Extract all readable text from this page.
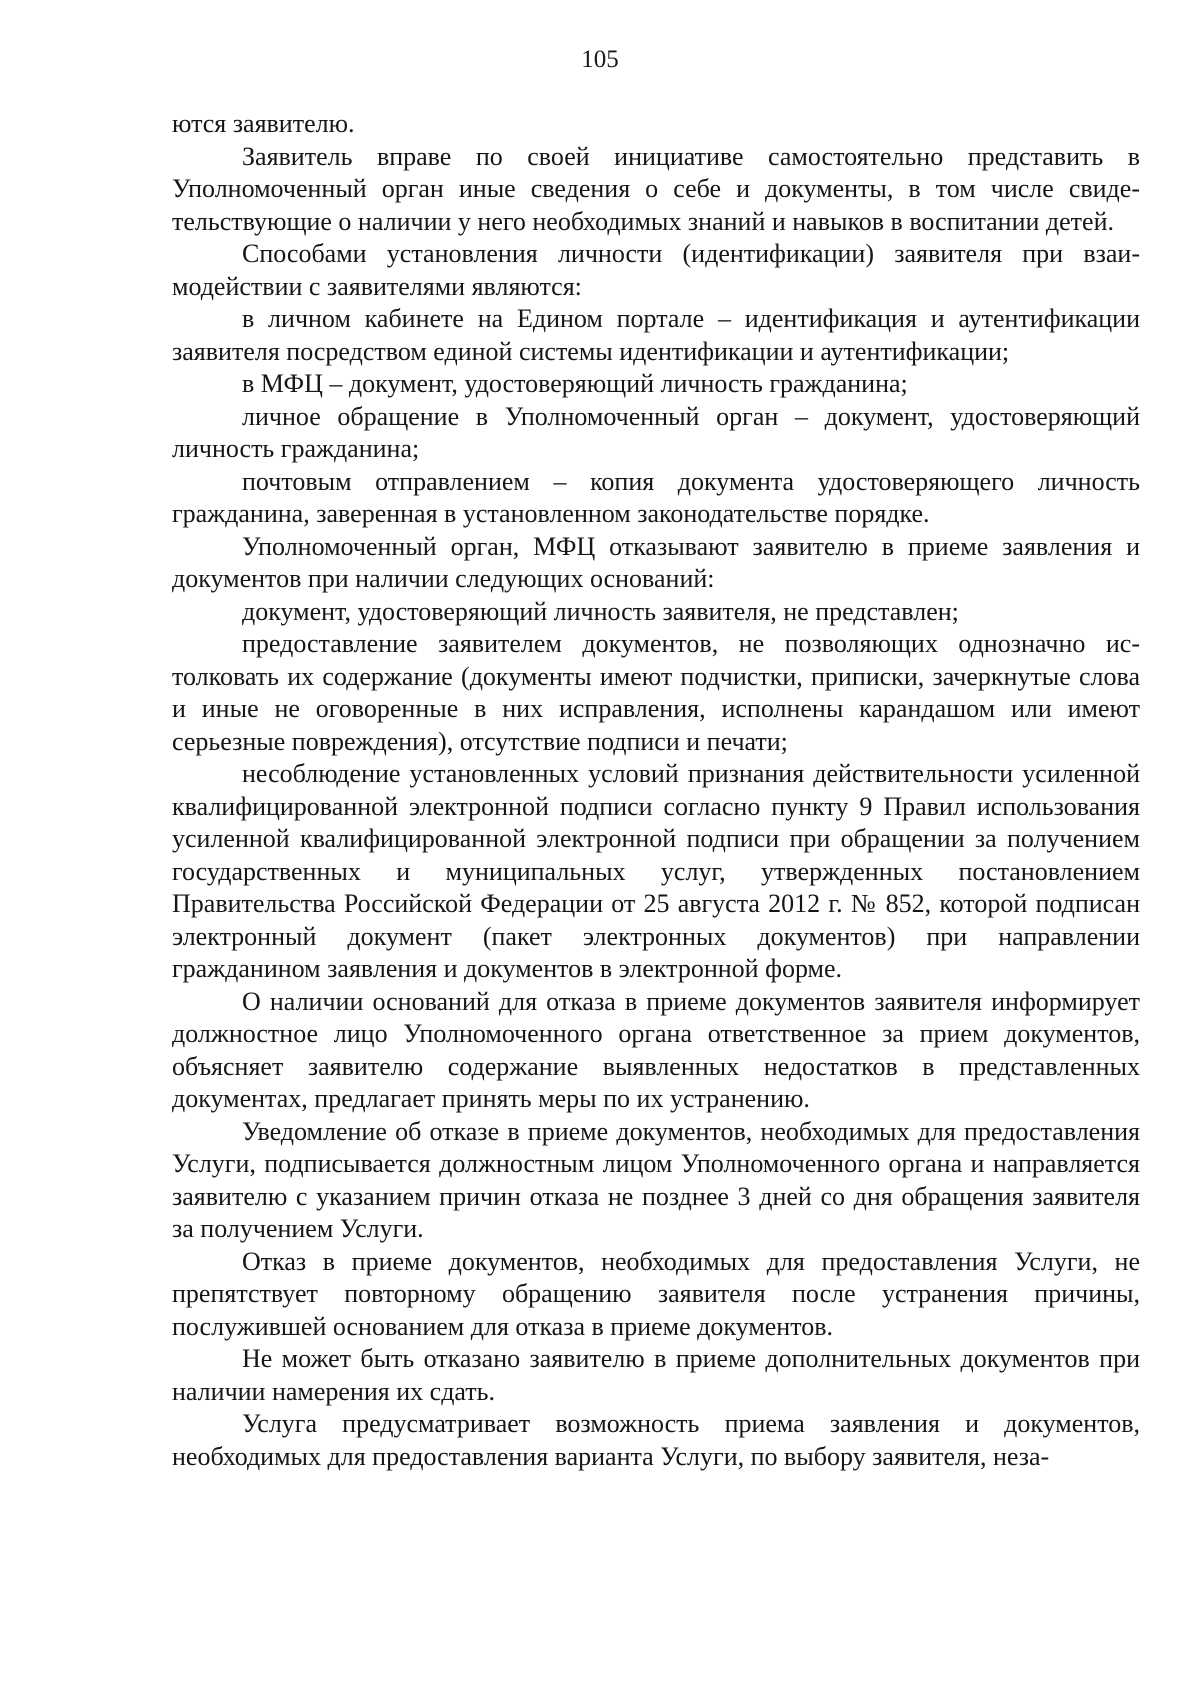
105

ются заявителю.

Заявитель вправе по своей инициативе самостоятельно представить в Уполномоченный орган иные сведения о себе и документы, в том числе свидетельствующие о наличии у него необходимых знаний и навыков в воспитании детей.

Способами установления личности (идентификации) заявителя при взаимодействии с заявителями являются:

в личном кабинете на Едином портале – идентификация и аутентификации заявителя посредством единой системы идентификации и аутентификации;

в МФЦ – документ, удостоверяющий личность гражданина;

личное обращение в Уполномоченный орган – документ, удостоверяющий личность гражданина;

почтовым отправлением – копия документа удостоверяющего личность гражданина, заверенная в установленном законодательстве порядке.

Уполномоченный орган, МФЦ отказывают заявителю в приеме заявления и документов при наличии следующих оснований:

документ, удостоверяющий личность заявителя, не представлен;

предоставление заявителем документов, не позволяющих однозначно истолковать их содержание (документы имеют подчистки, приписки, зачеркнутые слова и иные не оговоренные в них исправления, исполнены карандашом или имеют серьезные повреждения), отсутствие подписи и печати;

несоблюдение установленных условий признания действительности усиленной квалифицированной электронной подписи согласно пункту 9 Правил использования усиленной квалифицированной электронной подписи при обращении за получением государственных и муниципальных услуг, утвержденных постановлением Правительства Российской Федерации от 25 августа 2012 г. № 852, которой подписан электронный документ (пакет электронных документов) при направлении гражданином заявления и документов в электронной форме.

О наличии оснований для отказа в приеме документов заявителя информирует должностное лицо Уполномоченного органа ответственное за прием документов, объясняет заявителю содержание выявленных недостатков в представленных документах, предлагает принять меры по их устранению.

Уведомление об отказе в приеме документов, необходимых для предоставления Услуги, подписывается должностным лицом Уполномоченного органа и направляется заявителю с указанием причин отказа не позднее 3 дней со дня обращения заявителя за получением Услуги.

Отказ в приеме документов, необходимых для предоставления Услуги, не препятствует повторному обращению заявителя после устранения причины, послужившей основанием для отказа в приеме документов.

Не может быть отказано заявителю в приеме дополнительных документов при наличии намерения их сдать.

Услуга предусматривает возможность приема заявления и документов, необходимых для предоставления варианта Услуги, по выбору заявителя, неза-
